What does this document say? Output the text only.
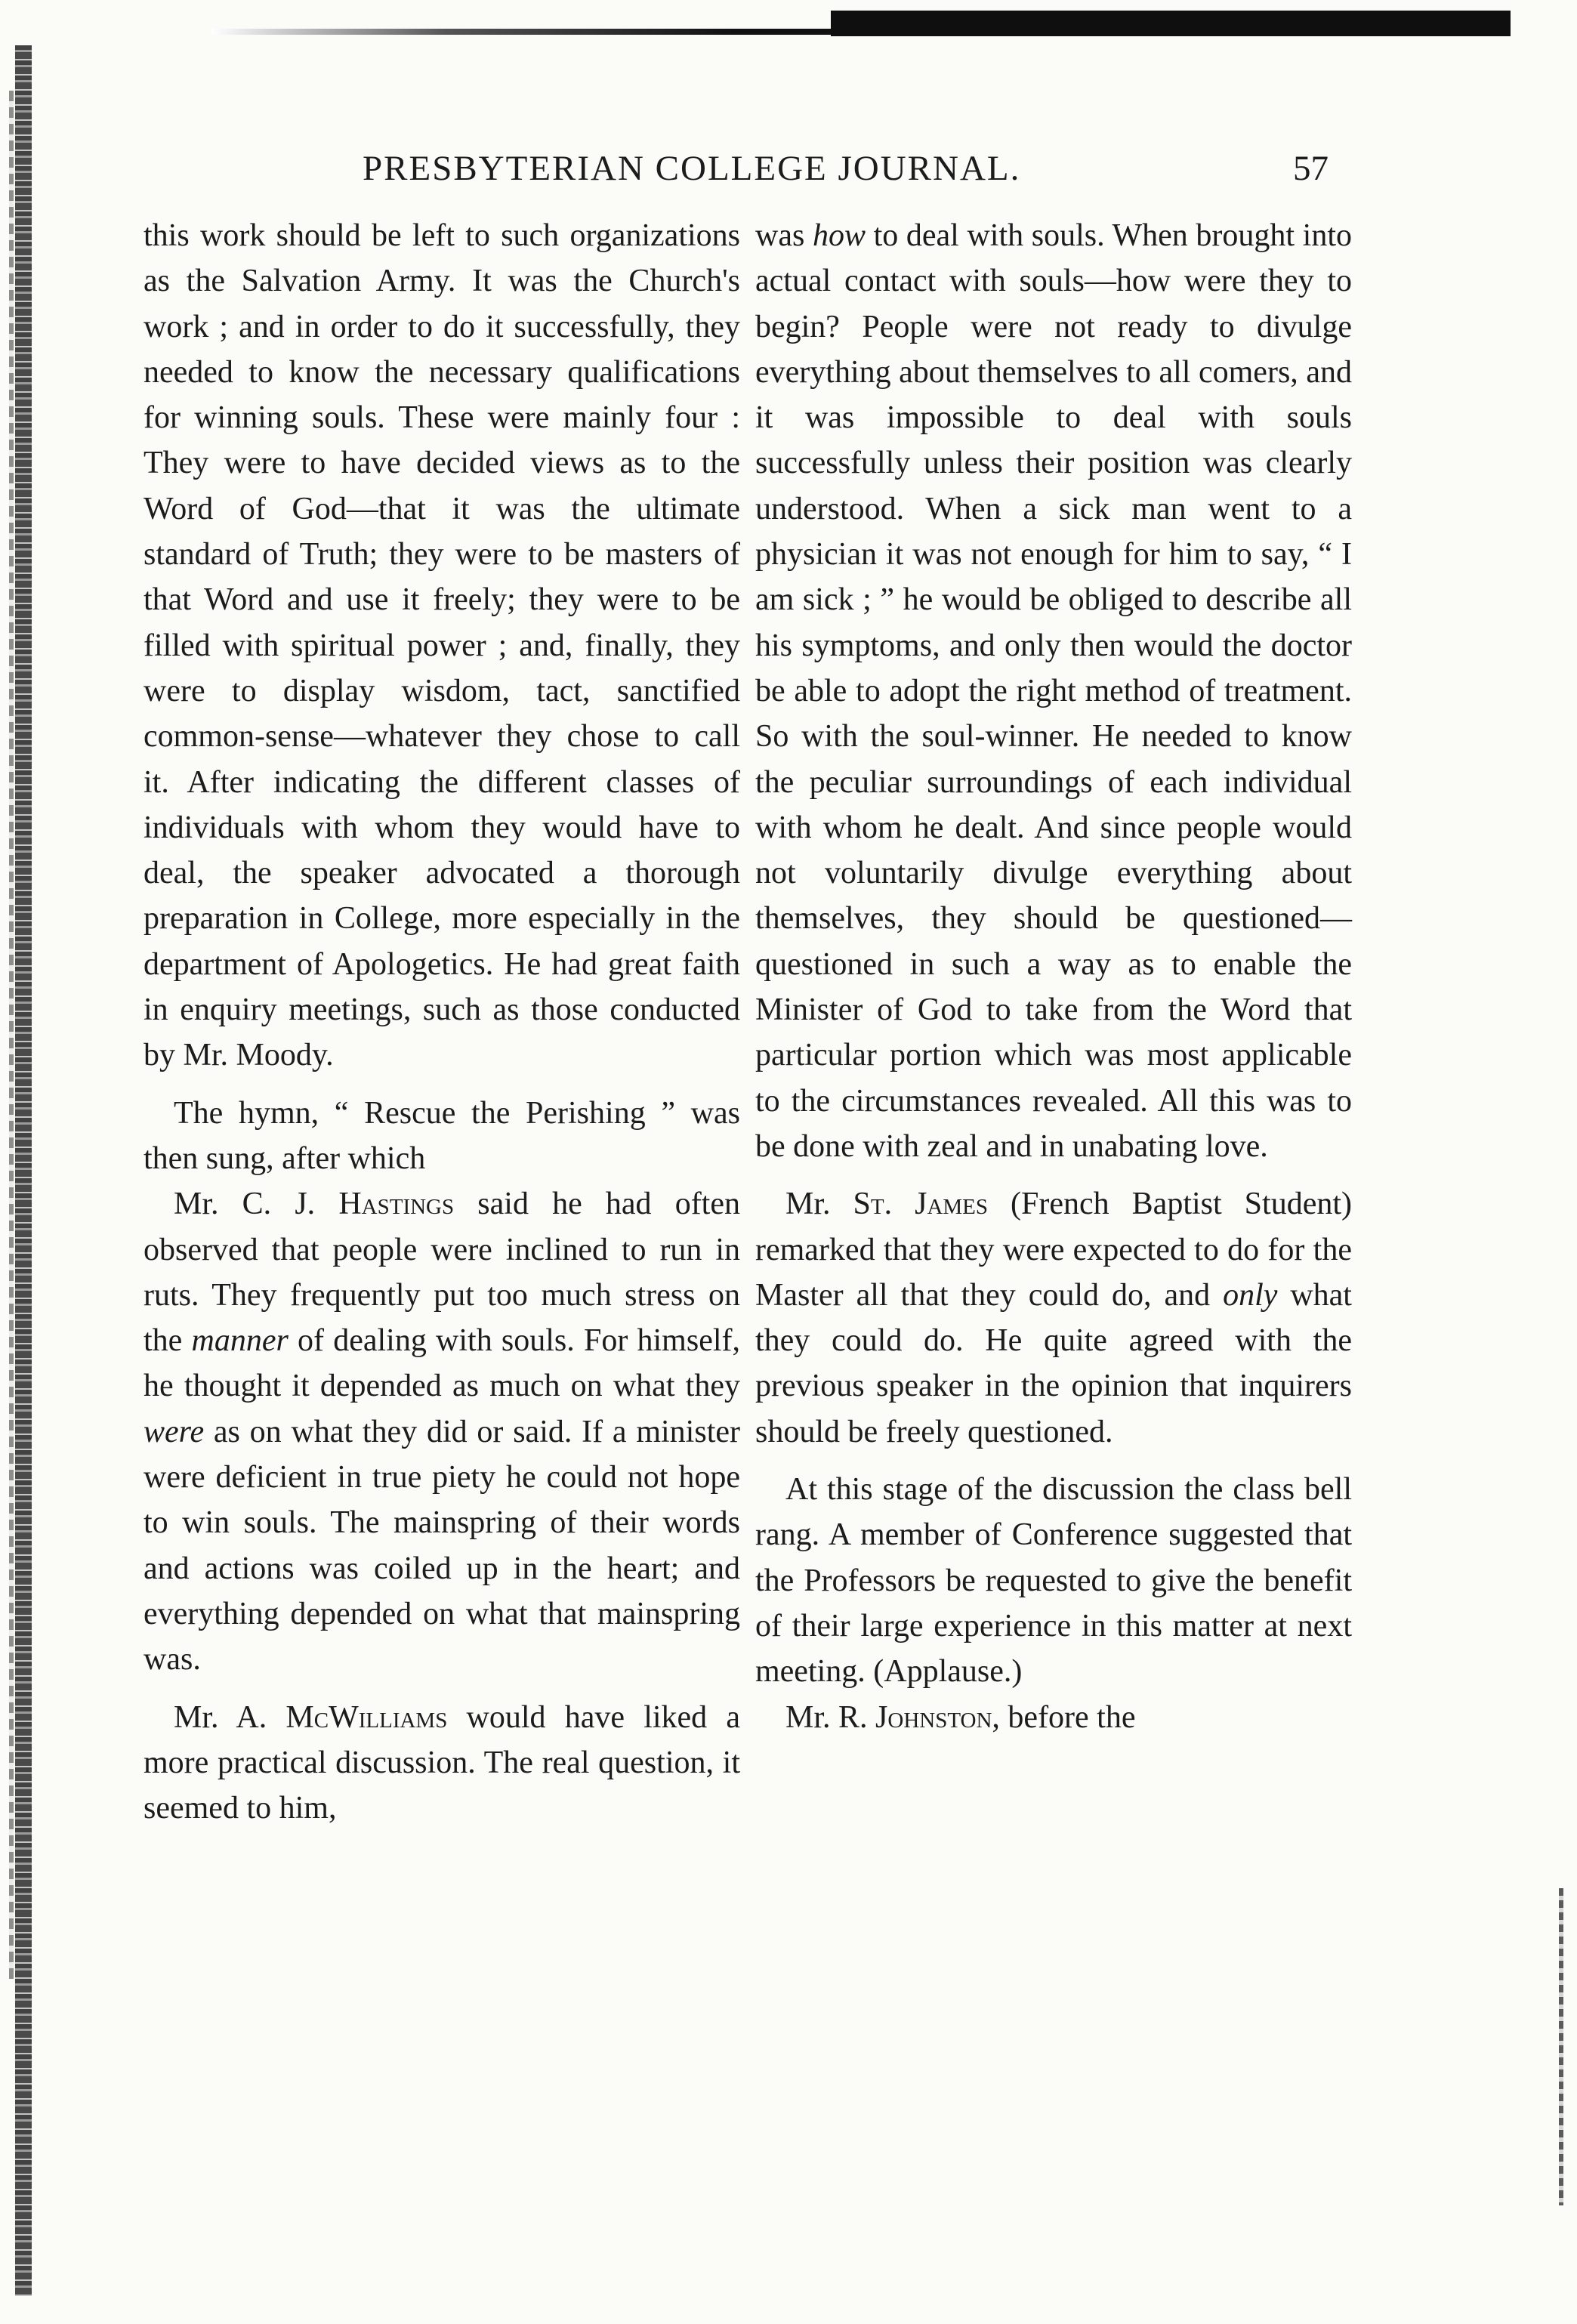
PRESBYTERIAN COLLEGE JOURNAL.	57

this work should be left to such organizations as the Salvation Army. It was the Church's work ; and in order to do it successfully, they needed to know the necessary qualifications for winning souls. These were mainly four : They were to have decided views as to the Word of God—that it was the ultimate standard of Truth; they were to be masters of that Word and use it freely; they were to be filled with spiritual power ; and, finally, they were to display wisdom, tact, sanctified common-sense—whatever they chose to call it. After indicating the different classes of individuals with whom they would have to deal, the speaker advocated a thorough preparation in College, more especially in the department of Apologetics. He had great faith in enquiry meetings, such as those conducted by Mr. Moody.

The hymn, “ Rescue the Perishing ” was then sung, after which

Mr. C. J. Hastings said he had often observed that people were inclined to run in ruts. They frequently put too much stress on the manner of dealing with souls. For himself, he thought it depended as much on what they were as on what they did or said. If a minister were deficient in true piety he could not hope to win souls. The mainspring of their words and actions was coiled up in the heart; and everything depended on what that mainspring was.

Mr. A. McWilliams would have liked a more practical discussion. The real question, it seemed to him,

was how to deal with souls. When brought into actual contact with souls—how were they to begin? People were not ready to divulge everything about themselves to all comers, and it was impossible to deal with souls successfully unless their position was clearly understood. When a sick man went to a physician it was not enough for him to say, “ I am sick ; ” he would be obliged to describe all his symptoms, and only then would the doctor be able to adopt the right method of treatment. So with the soul-winner. He needed to know the peculiar surroundings of each individual with whom he dealt. And since people would not voluntarily divulge everything about themselves, they should be questioned—questioned in such a way as to enable the Minister of God to take from the Word that particular portion which was most applicable to the circumstances revealed. All this was to be done with zeal and in unabating love.

Mr. St. James (French Baptist Student) remarked that they were expected to do for the Master all that they could do, and only what they could do. He quite agreed with the previous speaker in the opinion that inquirers should be freely questioned.

At this stage of the discussion the class bell rang. A member of Conference suggested that the Professors be requested to give the benefit of their large experience in this matter at next meeting. (Applause.)

Mr. R. Johnston, before the
